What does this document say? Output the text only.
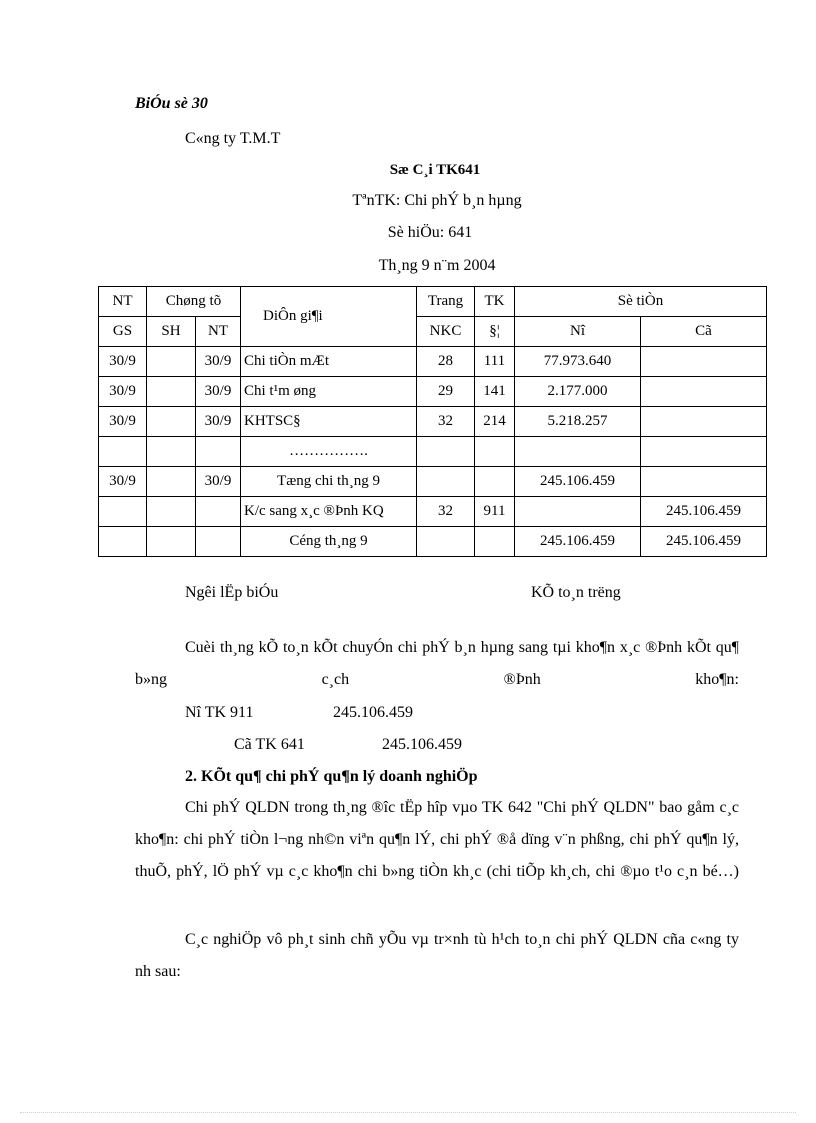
BiÓu sè 30
C«ng ty T.M.T
Sæ C¸i TK641
TªnTK: Chi phÝ b¸n hµng
Sè hiÖu: 641
Th¸ng 9 n¨m 2004
NT	Chøng tõ		DiÔn gi¶i	Trang	TK	Sè tiÒn	
GS	SH	NT		NKC	§¦	Nî	Cã
30/9		30/9	Chi tiÒn mÆt	28	111	77.973.640	
30/9		30/9	Chi t¹m øng	29	141	2.177.000	
30/9		30/9	KHTSC§	32	214	5.218.257	
			…………….				
30/9		30/9	Tæng chi th¸ng 9			245.106.459	
			K/c sang x¸c ®Þnh KQ	32	911		245.106.459
			Céng th¸ng 9			245.106.459	245.106.459
Ngêi lËp biÓu	KÕ to¸n trëng
Cuèi th¸ng kÕ to¸n kÕt chuyÓn chi phÝ b¸n hµng sang tµi kho¶n x¸c ®Þnh kÕt qu¶ b»ng c¸ch ®Þnh kho¶n:
Nî TK 911	245.106.459
Cã TK 641	245.106.459
2. KÕt qu¶ chi phÝ qu¶n lý doanh nghiÖp
Chi phÝ QLDN trong th¸ng ®îc tËp hîp vµo TK 642 "Chi phÝ QLDN" bao gåm c¸c kho¶n: chi phÝ tiÒn l¬ng nh©n viªn qu¶n lÝ, chi phÝ ®å dïng v¨n phßng, chi phÝ qu¶n lý, thuÕ, phÝ, lÖ phÝ vµ c¸c kho¶n chi b»ng tiÒn kh¸c (chi tiÕp kh¸ch, chi ®µo t¹o c¸n bé…)
C¸c nghiÖp vô ph¸t sinh chñ yÕu vµ tr×nh tù h¹ch to¸n chi phÝ QLDN cña c«ng ty nh sau:
